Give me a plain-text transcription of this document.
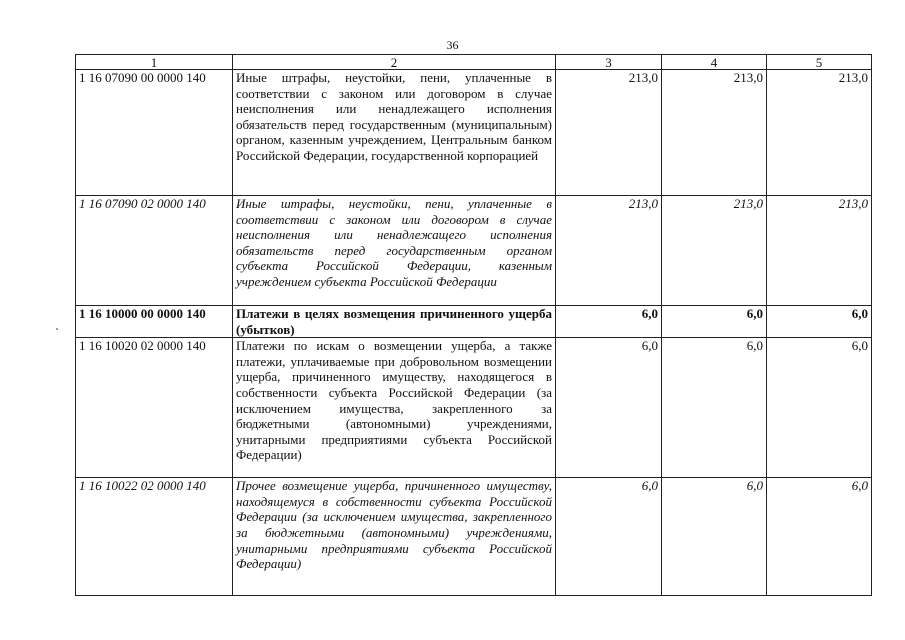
36
1	2	3	4	5
1 16 07090 00 0000 140	Иные штрафы, неустойки, пени, уплаченные в соответствии с законом или договором в случае неисполнения или ненадлежащего исполнения обязательств перед государственным (муниципальным) органом, казенным учреждением, Центральным банком Российской Федерации, государственной корпорацией	213,0	213,0	213,0
1 16 07090 02 0000 140	Иные штрафы, неустойки, пени, уплаченные в соответствии с законом или договором в случае неисполнения или ненадлежащего исполнения обязательств перед государственным органом субъекта Российской Федерации, казенным учреждением субъекта Российской Федерации	213,0	213,0	213,0
1 16 10000 00 0000 140	Платежи в целях возмещения причиненного ущерба (убытков)	6,0	6,0	6,0
1 16 10020 02 0000 140	Платежи по искам о возмещении ущерба, а также платежи, уплачиваемые при добровольном возмещении ущерба, причиненного имуществу, находящегося в собственности субъекта Российской Федерации (за исключением имущества, закрепленного за бюджетными (автономными) учреждениями, унитарными предприятиями субъекта Российской Федерации)	6,0	6,0	6,0
1 16 10022 02 0000 140	Прочее возмещение ущерба, причиненного имуществу, находящемуся в собственности субъекта Российской Федерации (за исключением имущества, закрепленного за бюджетными (автономными) учреждениями, унитарными предприятиями субъекта Российской Федерации)	6,0	6,0	6,0
